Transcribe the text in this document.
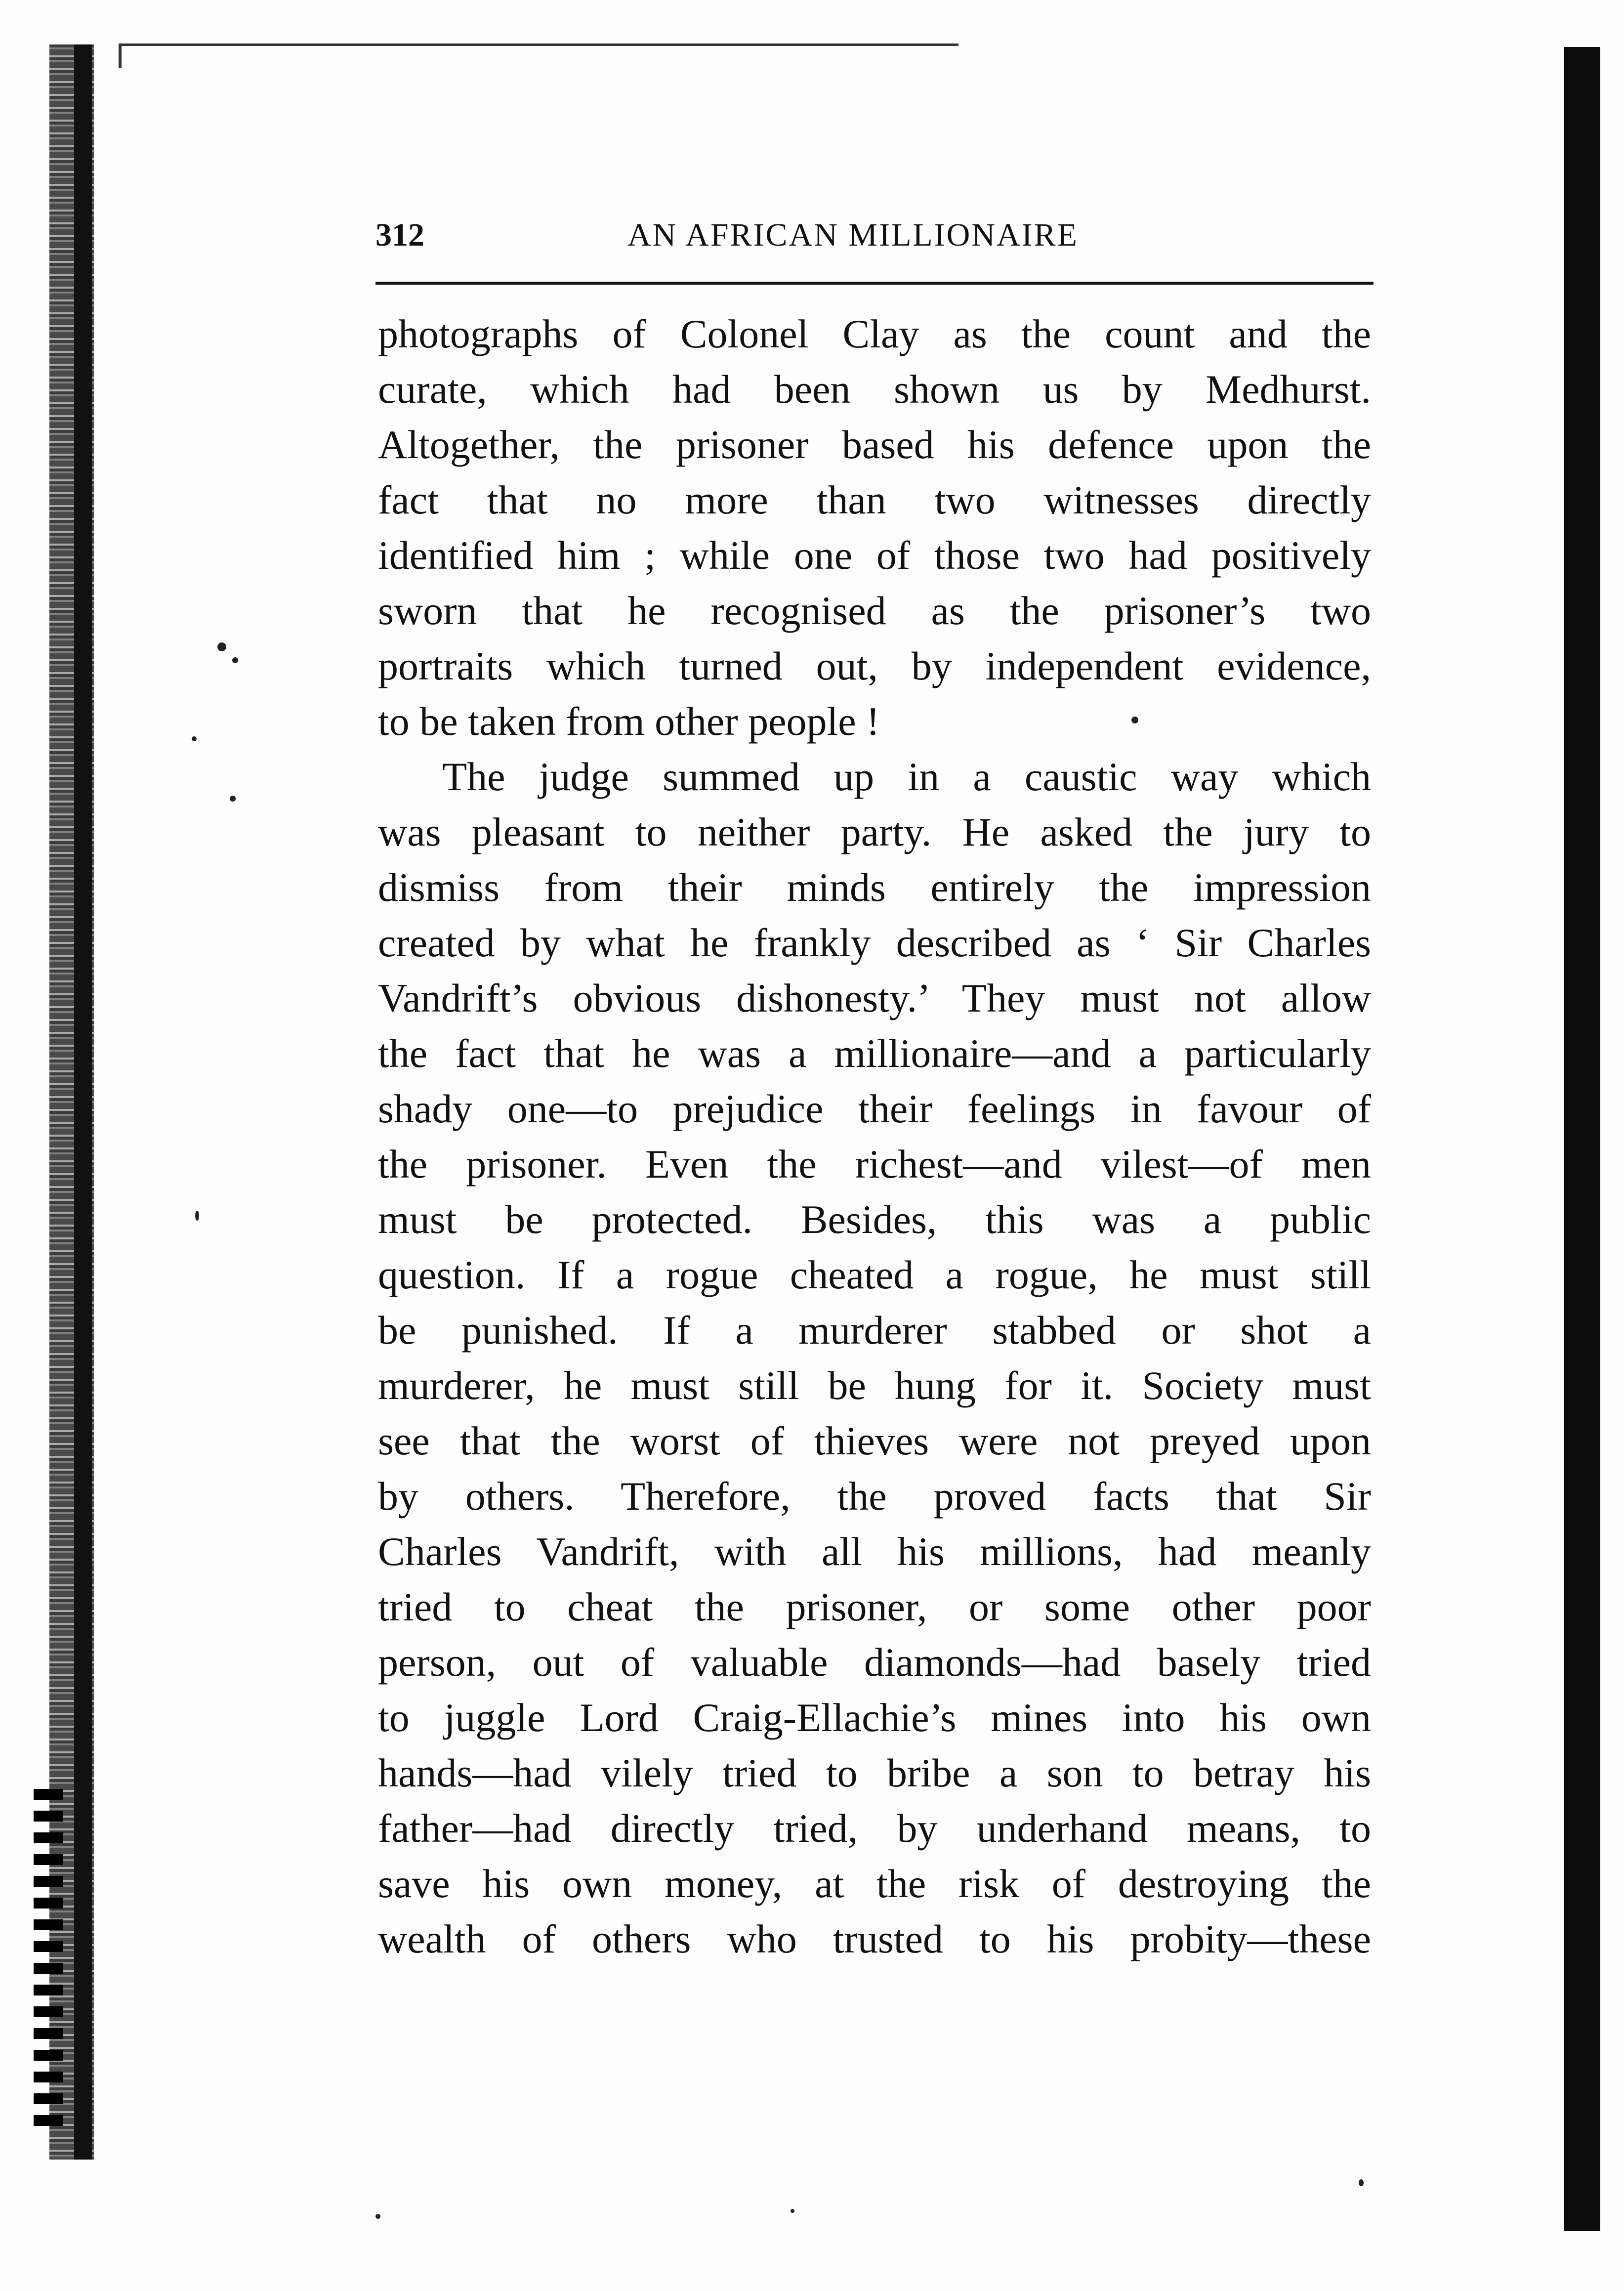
312	AN AFRICAN MILLIONAIRE
photographs of Colonel Clay as the count and the
curate, which had been shown us by Medhurst.
Altogether, the prisoner based his defence upon the
fact that no more than two witnesses directly
identified him ; while one of those two had positively
sworn that he recognised as the prisoner’s two
portraits which turned out, by independent evidence,
to be taken from other people !
The judge summed up in a caustic way which
was pleasant to neither party. He asked the jury to
dismiss from their minds entirely the impression
created by what he frankly described as ‘ Sir Charles
Vandrift’s obvious dishonesty.’ They must not allow
the fact that he was a millionaire—and a particularly
shady one—to prejudice their feelings in favour of
the prisoner. Even the richest—and vilest—of men
must be protected. Besides, this was a public
question. If a rogue cheated a rogue, he must still
be punished. If a murderer stabbed or shot a
murderer, he must still be hung for it. Society must
see that the worst of thieves were not preyed upon
by others. Therefore, the proved facts that Sir
Charles Vandrift, with all his millions, had meanly
tried to cheat the prisoner, or some other poor
person, out of valuable diamonds—had basely tried
to juggle Lord Craig-Ellachie’s mines into his own
hands—had vilely tried to bribe a son to betray his
father—had directly tried, by underhand means, to
save his own money, at the risk of destroying the
wealth of others who trusted to his probity—these
